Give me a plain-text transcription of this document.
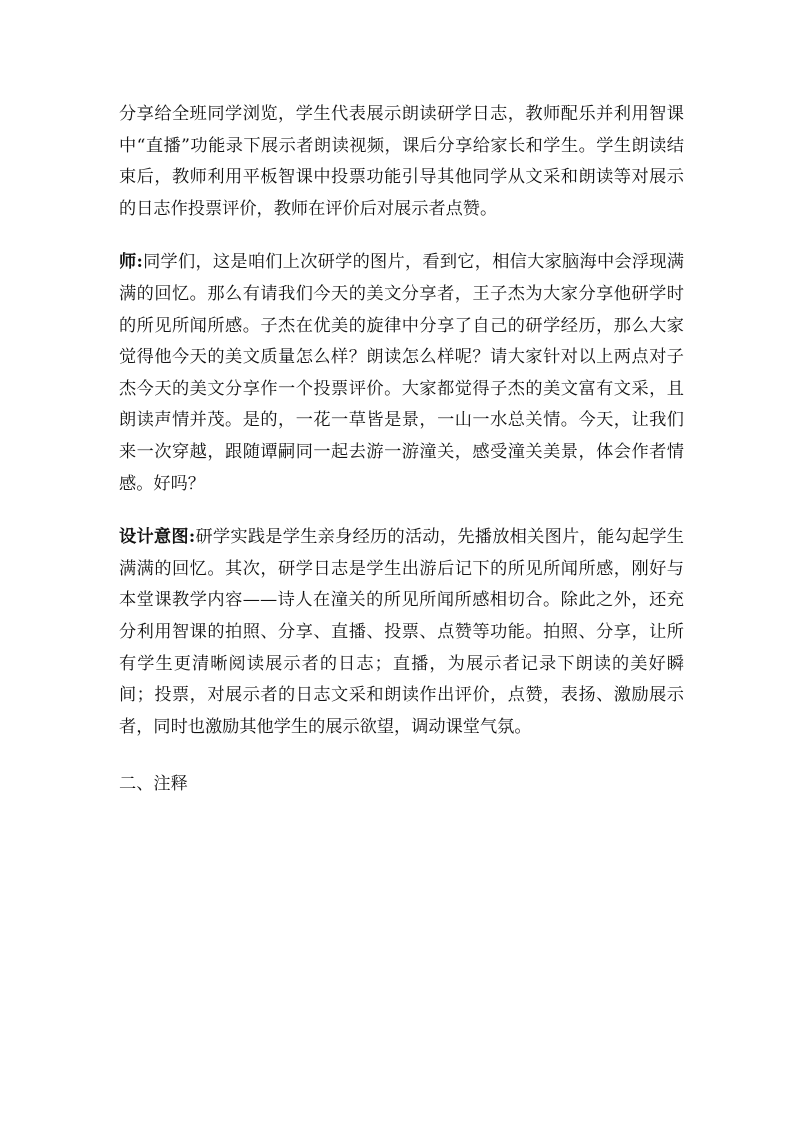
分享给全班同学浏览，学生代表展示朗读研学日志，教师配乐并利用智课中“直播”功能录下展示者朗读视频，课后分享给家长和学生。学生朗读结束后，教师利用平板智课中投票功能引导其他同学从文采和朗读等对展示的日志作投票评价，教师在评价后对展示者点赞。

师:同学们，这是咱们上次研学的图片，看到它，相信大家脑海中会浮现满满的回忆。那么有请我们今天的美文分享者，王子杰为大家分享他研学时的所见所闻所感。子杰在优美的旋律中分享了自己的研学经历，那么大家觉得他今天的美文质量怎么样？朗读怎么样呢？请大家针对以上两点对子杰今天的美文分享作一个投票评价。大家都觉得子杰的美文富有文采，且朗读声情并茂。是的，一花一草皆是景，一山一水总关情。今天，让我们来一次穿越，跟随谭嗣同一起去游一游潼关，感受潼关美景，体会作者情感。好吗？

设计意图:研学实践是学生亲身经历的活动，先播放相关图片，能勾起学生满满的回忆。其次，研学日志是学生出游后记下的所见所闻所感，刚好与本堂课教学内容——诗人在潼关的所见所闻所感相切合。除此之外，还充分利用智课的拍照、分享、直播、投票、点赞等功能。拍照、分享，让所有学生更清晰阅读展示者的日志；直播，为展示者记录下朗读的美好瞬间；投票，对展示者的日志文采和朗读作出评价，点赞，表扬、激励展示者，同时也激励其他学生的展示欲望，调动课堂气氛。

二、注释
